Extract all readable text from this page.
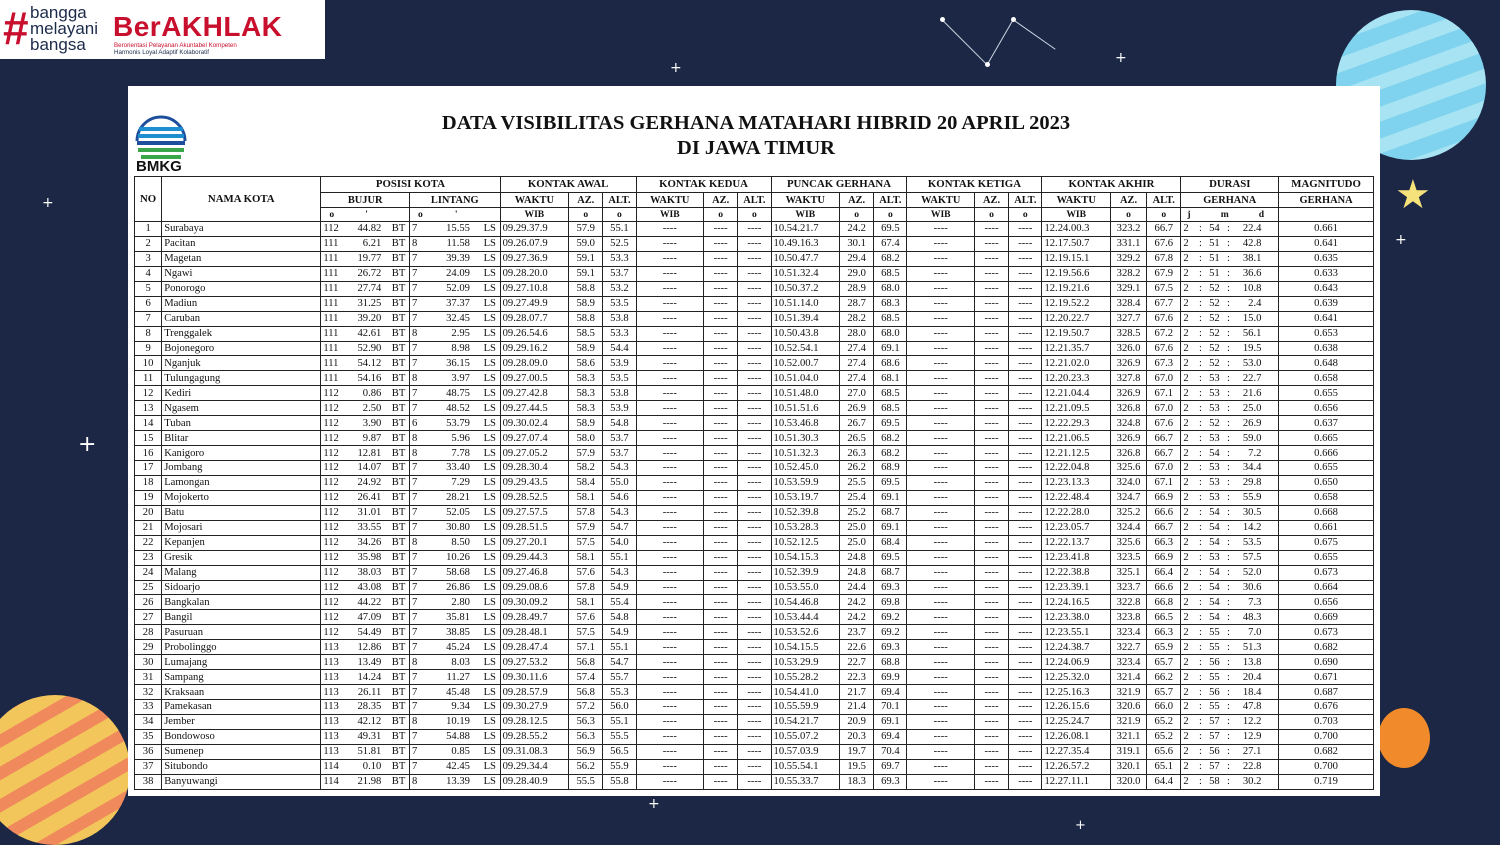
+
+
+
+
+
+
+
★
# bangga
melayani
bangsa
BerAKHLAK
Berorientasi Pelayanan Akuntabel Kompeten
Harmonis Loyal Adaptif Kolaboratif
BMKG
DATA VISIBILITAS GERHANA MATAHARI HIBRID 20 APRIL 2023
DI JAWA TIMUR
NO	NAMA KOTA	POSISI KOTA		KONTAK AWAL			KONTAK KEDUA			PUNCAK GERHANA			KONTAK KETIGA			KONTAK AKHIR			DURASI	MAGNITUDO
		BUJUR	LINTANG	WAKTU	AZ.	ALT.	WAKTU	AZ.	ALT.	WAKTU	AZ.	ALT.	WAKTU	AZ.	ALT.	WAKTU	AZ.	ALT.	GERHANA	GERHANA

		o '	o '	WIB	o	o	WIB	o	o	WIB	o	o	WIB	o	o	WIB	o	o	j m d	

1	Surabaya	112 44.82 BT	7 15.55 LS	09.29.37.9	57.9	55.1	----	----	----	10.54.21.7	24.2	69.5	----	----	----	12.24.00.3	323.2	66.7	2 : 54 : 22.4	0.661
2	Pacitan	111 6.21 BT	8 11.58 LS	09.26.07.9	59.0	52.5	----	----	----	10.49.16.3	30.1	67.4	----	----	----	12.17.50.7	331.1	67.6	2 : 51 : 42.8	0.641
3	Magetan	111 19.77 BT	7 39.39 LS	09.27.36.9	59.1	53.3	----	----	----	10.50.47.7	29.4	68.2	----	----	----	12.19.15.1	329.2	67.8	2 : 51 : 38.1	0.635
4	Ngawi	111 26.72 BT	7 24.09 LS	09.28.20.0	59.1	53.7	----	----	----	10.51.32.4	29.0	68.5	----	----	----	12.19.56.6	328.2	67.9	2 : 51 : 36.6	0.633
5	Ponorogo	111 27.74 BT	7 52.09 LS	09.27.10.8	58.8	53.2	----	----	----	10.50.37.2	28.9	68.0	----	----	----	12.19.21.6	329.1	67.5	2 : 52 : 10.8	0.643
6	Madiun	111 31.25 BT	7 37.37 LS	09.27.49.9	58.9	53.5	----	----	----	10.51.14.0	28.7	68.3	----	----	----	12.19.52.2	328.4	67.7	2 : 52 : 2.4	0.639
7	Caruban	111 39.20 BT	7 32.45 LS	09.28.07.7	58.8	53.8	----	----	----	10.51.39.4	28.2	68.5	----	----	----	12.20.22.7	327.7	67.6	2 : 52 : 15.0	0.641
8	Trenggalek	111 42.61 BT	8 2.95 LS	09.26.54.6	58.5	53.3	----	----	----	10.50.43.8	28.0	68.0	----	----	----	12.19.50.7	328.5	67.2	2 : 52 : 56.1	0.653
9	Bojonegoro	111 52.90 BT	7 8.98 LS	09.29.16.2	58.9	54.4	----	----	----	10.52.54.1	27.4	69.1	----	----	----	12.21.35.7	326.0	67.6	2 : 52 : 19.5	0.638
10	Nganjuk	111 54.12 BT	7 36.15 LS	09.28.09.0	58.6	53.9	----	----	----	10.52.00.7	27.4	68.6	----	----	----	12.21.02.0	326.9	67.3	2 : 52 : 53.0	0.648
11	Tulungagung	111 54.16 BT	8 3.97 LS	09.27.00.5	58.3	53.5	----	----	----	10.51.04.0	27.4	68.1	----	----	----	12.20.23.3	327.8	67.0	2 : 53 : 22.7	0.658
12	Kediri	112 0.86 BT	7 48.75 LS	09.27.42.8	58.3	53.8	----	----	----	10.51.48.0	27.0	68.5	----	----	----	12.21.04.4	326.9	67.1	2 : 53 : 21.6	0.655
13	Ngasem	112 2.50 BT	7 48.52 LS	09.27.44.5	58.3	53.9	----	----	----	10.51.51.6	26.9	68.5	----	----	----	12.21.09.5	326.8	67.0	2 : 53 : 25.0	0.656
14	Tuban	112 3.90 BT	6 53.79 LS	09.30.02.4	58.9	54.8	----	----	----	10.53.46.8	26.7	69.5	----	----	----	12.22.29.3	324.8	67.6	2 : 52 : 26.9	0.637
15	Blitar	112 9.87 BT	8 5.96 LS	09.27.07.4	58.0	53.7	----	----	----	10.51.30.3	26.5	68.2	----	----	----	12.21.06.5	326.9	66.7	2 : 53 : 59.0	0.665
16	Kanigoro	112 12.81 BT	8 7.78 LS	09.27.05.2	57.9	53.7	----	----	----	10.51.32.3	26.3	68.2	----	----	----	12.21.12.5	326.8	66.7	2 : 54 : 7.2	0.666
17	Jombang	112 14.07 BT	7 33.40 LS	09.28.30.4	58.2	54.3	----	----	----	10.52.45.0	26.2	68.9	----	----	----	12.22.04.8	325.6	67.0	2 : 53 : 34.4	0.655
18	Lamongan	112 24.92 BT	7 7.29 LS	09.29.43.5	58.4	55.0	----	----	----	10.53.59.9	25.5	69.5	----	----	----	12.23.13.3	324.0	67.1	2 : 53 : 29.8	0.650
19	Mojokerto	112 26.41 BT	7 28.21 LS	09.28.52.5	58.1	54.6	----	----	----	10.53.19.7	25.4	69.1	----	----	----	12.22.48.4	324.7	66.9	2 : 53 : 55.9	0.658
20	Batu	112 31.01 BT	7 52.05 LS	09.27.57.5	57.8	54.3	----	----	----	10.52.39.8	25.2	68.7	----	----	----	12.22.28.0	325.2	66.6	2 : 54 : 30.5	0.668
21	Mojosari	112 33.55 BT	7 30.80 LS	09.28.51.5	57.9	54.7	----	----	----	10.53.28.3	25.0	69.1	----	----	----	12.23.05.7	324.4	66.7	2 : 54 : 14.2	0.661
22	Kepanjen	112 34.26 BT	8 8.50 LS	09.27.20.1	57.5	54.0	----	----	----	10.52.12.5	25.0	68.4	----	----	----	12.22.13.7	325.6	66.3	2 : 54 : 53.5	0.675
23	Gresik	112 35.98 BT	7 10.26 LS	09.29.44.3	58.1	55.1	----	----	----	10.54.15.3	24.8	69.5	----	----	----	12.23.41.8	323.5	66.9	2 : 53 : 57.5	0.655
24	Malang	112 38.03 BT	7 58.68 LS	09.27.46.8	57.6	54.3	----	----	----	10.52.39.9	24.8	68.7	----	----	----	12.22.38.8	325.1	66.4	2 : 54 : 52.0	0.673
25	Sidoarjo	112 43.08 BT	7 26.86 LS	09.29.08.6	57.8	54.9	----	----	----	10.53.55.0	24.4	69.3	----	----	----	12.23.39.1	323.7	66.6	2 : 54 : 30.6	0.664
26	Bangkalan	112 44.22 BT	7 2.80 LS	09.30.09.2	58.1	55.4	----	----	----	10.54.46.8	24.2	69.8	----	----	----	12.24.16.5	322.8	66.8	2 : 54 : 7.3	0.656
27	Bangil	112 47.09 BT	7 35.81 LS	09.28.49.7	57.6	54.8	----	----	----	10.53.44.4	24.2	69.2	----	----	----	12.23.38.0	323.8	66.5	2 : 54 : 48.3	0.669
28	Pasuruan	112 54.49 BT	7 38.85 LS	09.28.48.1	57.5	54.9	----	----	----	10.53.52.6	23.7	69.2	----	----	----	12.23.55.1	323.4	66.3	2 : 55 : 7.0	0.673
29	Probolinggo	113 12.86 BT	7 45.24 LS	09.28.47.4	57.1	55.1	----	----	----	10.54.15.5	22.6	69.3	----	----	----	12.24.38.7	322.7	65.9	2 : 55 : 51.3	0.682
30	Lumajang	113 13.49 BT	8 8.03 LS	09.27.53.2	56.8	54.7	----	----	----	10.53.29.9	22.7	68.8	----	----	----	12.24.06.9	323.4	65.7	2 : 56 : 13.8	0.690
31	Sampang	113 14.24 BT	7 11.27 LS	09.30.11.6	57.4	55.7	----	----	----	10.55.28.2	22.3	69.9	----	----	----	12.25.32.0	321.4	66.2	2 : 55 : 20.4	0.671
32	Kraksaan	113 26.11 BT	7 45.48 LS	09.28.57.9	56.8	55.3	----	----	----	10.54.41.0	21.7	69.4	----	----	----	12.25.16.3	321.9	65.7	2 : 56 : 18.4	0.687
33	Pamekasan	113 28.35 BT	7 9.34 LS	09.30.27.9	57.2	56.0	----	----	----	10.55.59.9	21.4	70.1	----	----	----	12.26.15.6	320.6	66.0	2 : 55 : 47.8	0.676
34	Jember	113 42.12 BT	8 10.19 LS	09.28.12.5	56.3	55.1	----	----	----	10.54.21.7	20.9	69.1	----	----	----	12.25.24.7	321.9	65.2	2 : 57 : 12.2	0.703
35	Bondowoso	113 49.31 BT	7 54.88 LS	09.28.55.2	56.3	55.5	----	----	----	10.55.07.2	20.3	69.4	----	----	----	12.26.08.1	321.1	65.2	2 : 57 : 12.9	0.700
36	Sumenep	113 51.81 BT	7 0.85 LS	09.31.08.3	56.9	56.5	----	----	----	10.57.03.9	19.7	70.4	----	----	----	12.27.35.4	319.1	65.6	2 : 56 : 27.1	0.682
37	Situbondo	114 0.10 BT	7 42.45 LS	09.29.34.4	56.2	55.9	----	----	----	10.55.54.1	19.5	69.7	----	----	----	12.26.57.2	320.1	65.1	2 : 57 : 22.8	0.700
38	Banyuwangi	114 21.98 BT	8 13.39 LS	09.28.40.9	55.5	55.8	----	----	----	10.55.33.7	18.3	69.3	----	----	----	12.27.11.1	320.0	64.4	2 : 58 : 30.2	0.719
